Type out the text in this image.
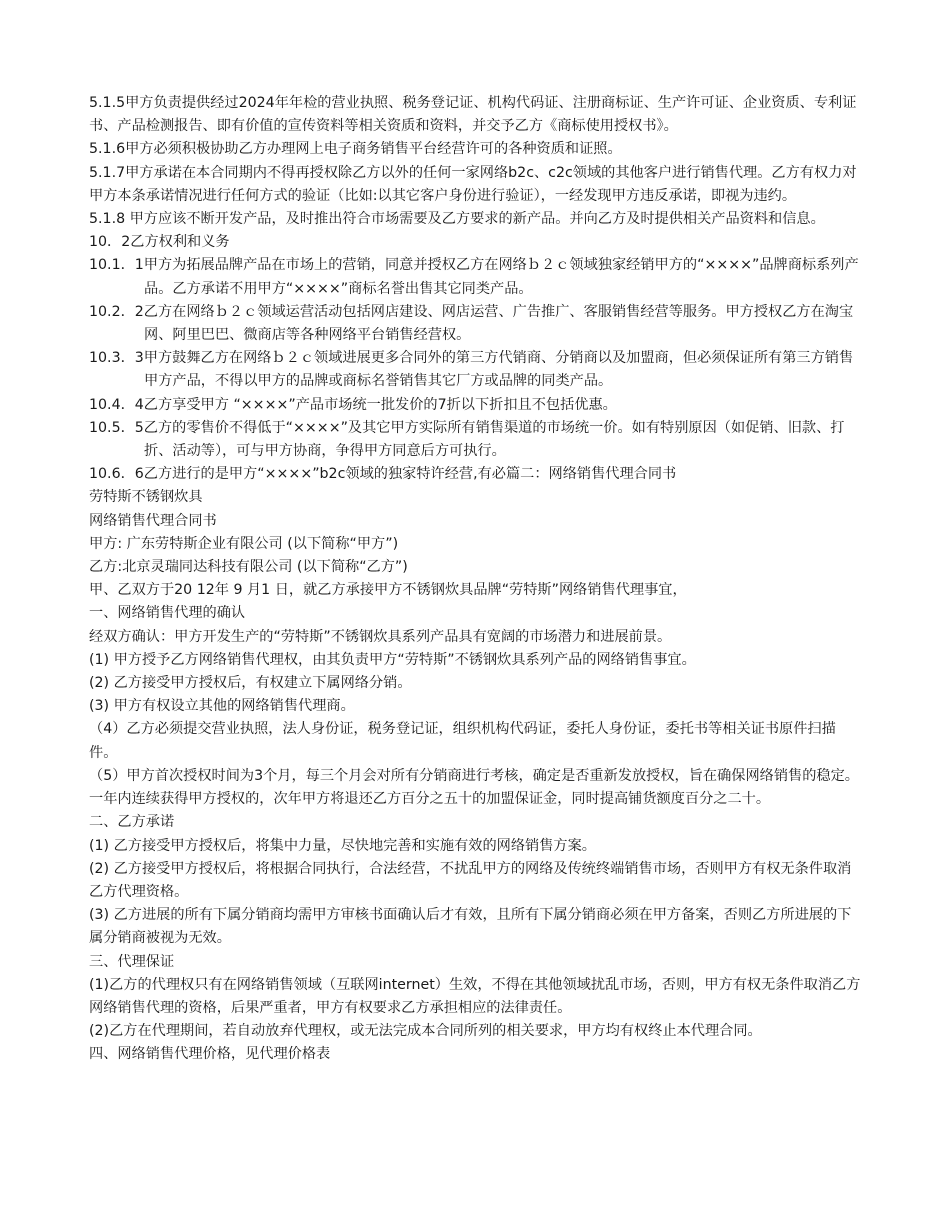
5.1.5甲方负责提供经过2024年年检的营业执照、税务登记证、机构代码证、注册商标证、生产许可证、企业资质、专利证书、产品检测报告、即有价值的宣传资料等相关资质和资料，并交予乙方《商标使用授权书》。

5.1.6甲方必须积极协助乙方办理网上电子商务销售平台经营许可的各种资质和证照。

5.1.7甲方承诺在本合同期内不得再授权除乙方以外的任何一家网络b2c、c2c领域的其他客户进行销售代理。乙方有权力对甲方本条承诺情况进行任何方式的验证（比如:以其它客户身份进行验证），一经发现甲方违反承诺，即视为违约。

5.1.8 甲方应该不断开发产品，及时推出符合市场需要及乙方要求的新产品。并向乙方及时提供相关产品资料和信息。

10．2乙方权利和义务

10.1．1甲方为拓展品牌产品在市场上的营销，同意并授权乙方在网络ｂ２ｃ领域独家经销甲方的“××××”品牌商标系列产品。乙方承诺不用甲方“××××”商标名誉出售其它同类产品。

10.2．2乙方在网络ｂ２ｃ领域运营活动包括网店建设、网店运营、广告推广、客服销售经营等服务。甲方授权乙方在淘宝网、阿里巴巴、微商店等各种网络平台销售经营权。

10.3．3甲方鼓舞乙方在网络ｂ２ｃ领域进展更多合同外的第三方代销商、分销商以及加盟商，但必须保证所有第三方销售甲方产品，不得以甲方的品牌或商标名誉销售其它厂方或品牌的同类产品。

10.4．4乙方享受甲方 “××××”产品市场统一批发价的7折以下折扣且不包括优惠。

10.5．5乙方的零售价不得低于“××××”及其它甲方实际所有销售渠道的市场统一价。如有特别原因（如促销、旧款、打折、活动等），可与甲方协商，争得甲方同意后方可执行。

10.6．6乙方进行的是甲方“××××”b2c领域的独家特许经营,有必篇二：网络销售代理合同书

劳特斯不锈钢炊具

网络销售代理合同书

甲方: 广东劳特斯企业有限公司 (以下简称“甲方”)

乙方:北京灵瑞同达科技有限公司 (以下简称“乙方”)

甲、乙双方于20 12年 9 月1 日，就乙方承接甲方不锈钢炊具品牌“劳特斯”网络销售代理事宜，

一、网络销售代理的确认

经双方确认：甲方开发生产的“劳特斯”不锈钢炊具系列产品具有宽阔的市场潜力和进展前景。

(1) 甲方授予乙方网络销售代理权，由其负责甲方“劳特斯”不锈钢炊具系列产品的网络销售事宜。

(2) 乙方接受甲方授权后，有权建立下属网络分销。

(3) 甲方有权设立其他的网络销售代理商。

（4）乙方必须提交营业执照，法人身份证，税务登记证，组织机构代码证，委托人身份证，委托书等相关证书原件扫描件。

（5）甲方首次授权时间为3个月，每三个月会对所有分销商进行考核，确定是否重新发放授权，旨在确保网络销售的稳定。一年内连续获得甲方授权的，次年甲方将退还乙方百分之五十的加盟保证金，同时提高铺货额度百分之二十。

二、乙方承诺

(1) 乙方接受甲方授权后，将集中力量，尽快地完善和实施有效的网络销售方案。

(2) 乙方接受甲方授权后，将根据合同执行，合法经营，不扰乱甲方的网络及传统终端销售市场，否则甲方有权无条件取消乙方代理资格。

(3) 乙方进展的所有下属分销商均需甲方审核书面确认后才有效，且所有下属分销商必须在甲方备案，否则乙方所进展的下属分销商被视为无效。

三、代理保证

(1)乙方的代理权只有在网络销售领域（互联网internet）生效，不得在其他领域扰乱市场，否则，甲方有权无条件取消乙方网络销售代理的资格，后果严重者，甲方有权要求乙方承担相应的法律责任。

(2)乙方在代理期间，若自动放弃代理权，或无法完成本合同所列的相关要求，甲方均有权终止本代理合同。

四、网络销售代理价格，见代理价格表
